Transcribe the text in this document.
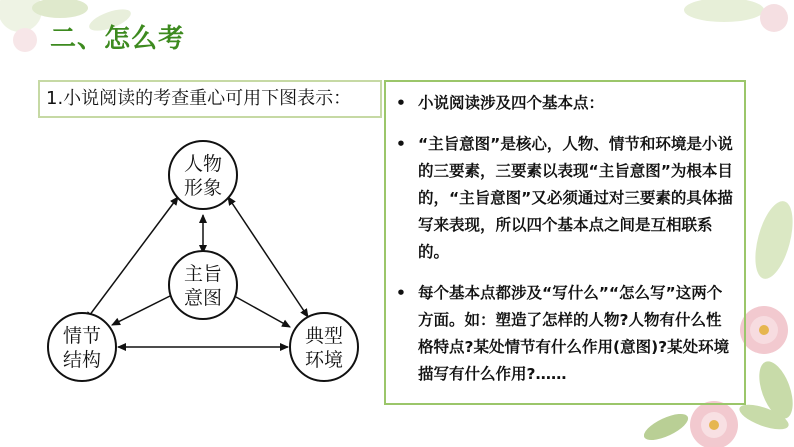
二、怎么考
1.小说阅读的考查重心可用下图表示：
人物
形象
主旨
意图
情节
结构
典型
环境
• 小说阅读涉及四个基本点：
• “主旨意图”是核心，人物、情节和环境是小说的三要素，三要素以表现“主旨意图”为根本目的，“主旨意图”又必须通过对三要素的具体描写来表现，所以四个基本点之间是互相联系的。
• 每个基本点都涉及“写什么”“怎么写”这两个方面。如：塑造了怎样的人物?人物有什么性格特点?某处情节有什么作用(意图)?某处环境描写有什么作用?……
